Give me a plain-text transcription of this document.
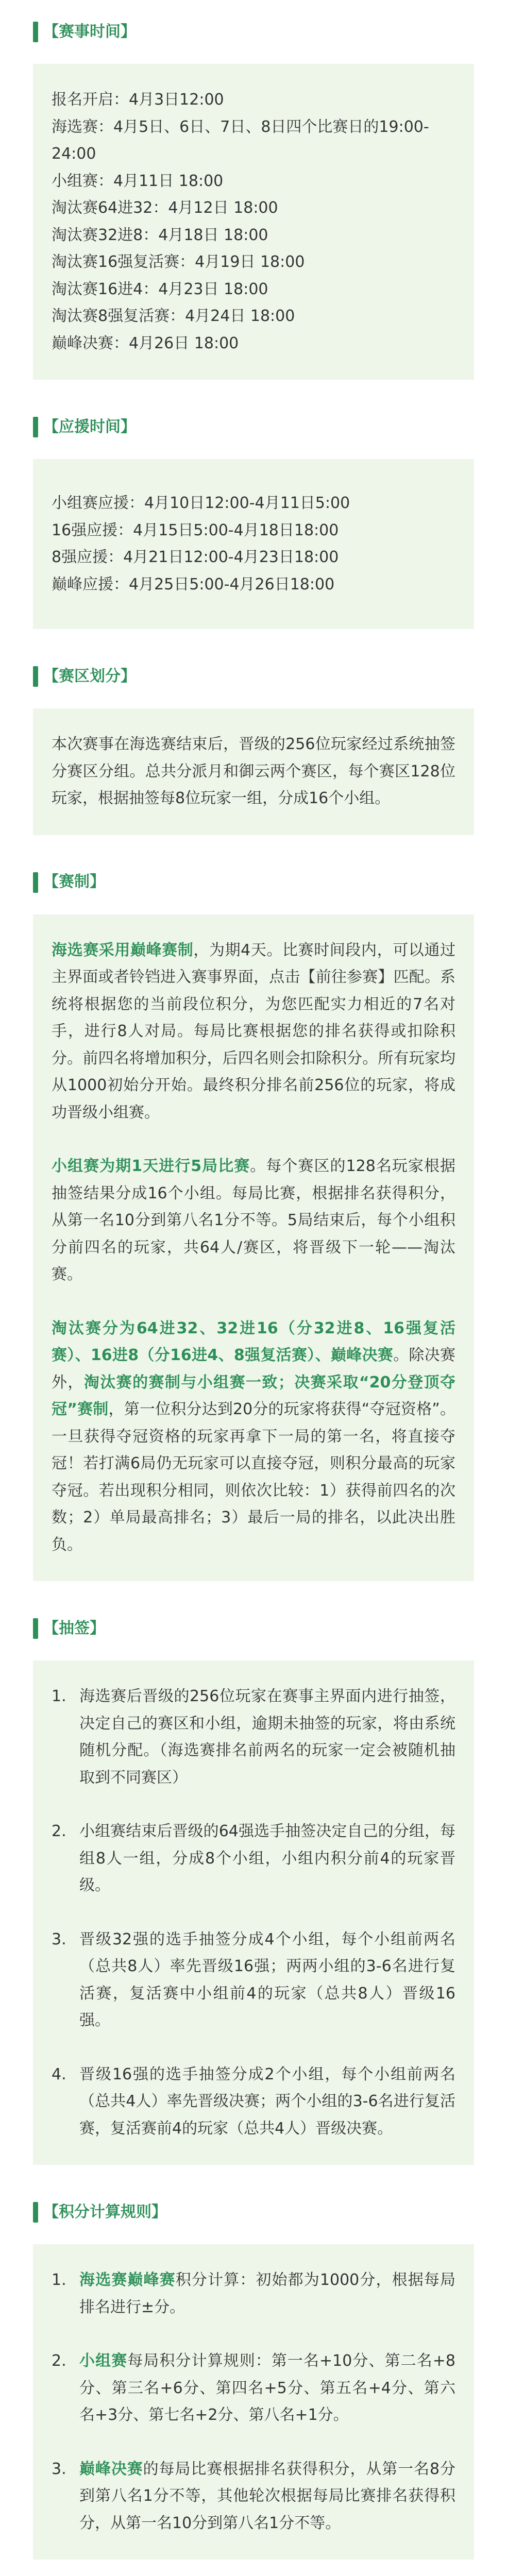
【赛事时间】
报名开启：4月3日12:00
海选赛：4月5日、6日、7日、8日四个比赛日的19:00-24:00
小组赛：4月11日 18:00
淘汰赛64进32：4月12日 18:00
淘汰赛32进8：4月18日 18:00
淘汰赛16强复活赛：4月19日 18:00
淘汰赛16进4：4月23日 18:00
淘汰赛8强复活赛：4月24日 18:00
巅峰决赛：4月26日 18:00
【应援时间】
小组赛应援：4月10日12:00-4月11日5:00
16强应援：4月15日5:00-4月18日18:00
8强应援：4月21日12:00-4月23日18:00
巅峰应援：4月25日5:00-4月26日18:00
【赛区划分】

本次赛事在海选赛结束后，晋级的256位玩家经过系统抽签分赛区分组。总共分派月和御云两个赛区，每个赛区128位玩家，根据抽签每8位玩家一组，分成16个小组。

【赛制】

海选赛采用巅峰赛制，为期4天。比赛时间段内，可以通过主界面或者铃铛进入赛事界面，点击【前往参赛】匹配。系统将根据您的当前段位积分，为您匹配实力相近的7名对手，进行8人对局。每局比赛根据您的排名获得或扣除积分。前四名将增加积分，后四名则会扣除积分。所有玩家均从1000初始分开始。最终积分排名前256位的玩家，将成功晋级小组赛。

小组赛为期1天进行5局比赛。每个赛区的128名玩家根据抽签结果分成16个小组。每局比赛，根据排名获得积分，从第一名10分到第八名1分不等。5局结束后，每个小组积分前四名的玩家，共64人/赛区，将晋级下一轮——淘汰赛。

淘汰赛分为64进32、32进16（分32进8、16强复活赛）、16进8（分16进4、8强复活赛）、巅峰决赛。除决赛外，淘汰赛的赛制与小组赛一致；决赛采取“20分登顶夺冠”赛制，第一位积分达到20分的玩家将获得“夺冠资格”。一旦获得夺冠资格的玩家再拿下一局的第一名，将直接夺冠！若打满6局仍无玩家可以直接夺冠，则积分最高的玩家夺冠。若出现积分相同，则依次比较：1）获得前四名的次数；2）单局最高排名；3）最后一局的排名，以此决出胜负。

【抽签】
1. 海选赛后晋级的256位玩家在赛事主界面内进行抽签，决定自己的赛区和小组，逾期未抽签的玩家，将由系统随机分配。（海选赛排名前两名的玩家一定会被随机抽取到不同赛区）
2. 小组赛结束后晋级的64强选手抽签决定自己的分组，每组8人一组，分成8个小组，小组内积分前4的玩家晋级。
3. 晋级32强的选手抽签分成4个小组，每个小组前两名（总共8人）率先晋级16强；两两小组的3-6名进行复活赛，复活赛中小组前4的玩家（总共8人）晋级16强。
4. 晋级16强的选手抽签分成2个小组，每个小组前两名（总共4人）率先晋级决赛；两个小组的3-6名进行复活赛，复活赛前4的玩家（总共4人）晋级决赛。
【积分计算规则】
1. 海选赛巅峰赛积分计算：初始都为1000分，根据每局排名进行±分。
2. 小组赛每局积分计算规则：第一名+10分、第二名+8分、第三名+6分、第四名+5分、第五名+4分、第六名+3分、第七名+2分、第八名+1分。
3. 巅峰决赛的每局比赛根据排名获得积分，从第一名8分到第八名1分不等，其他轮次根据每局比赛排名获得积分，从第一名10分到第八名1分不等。
